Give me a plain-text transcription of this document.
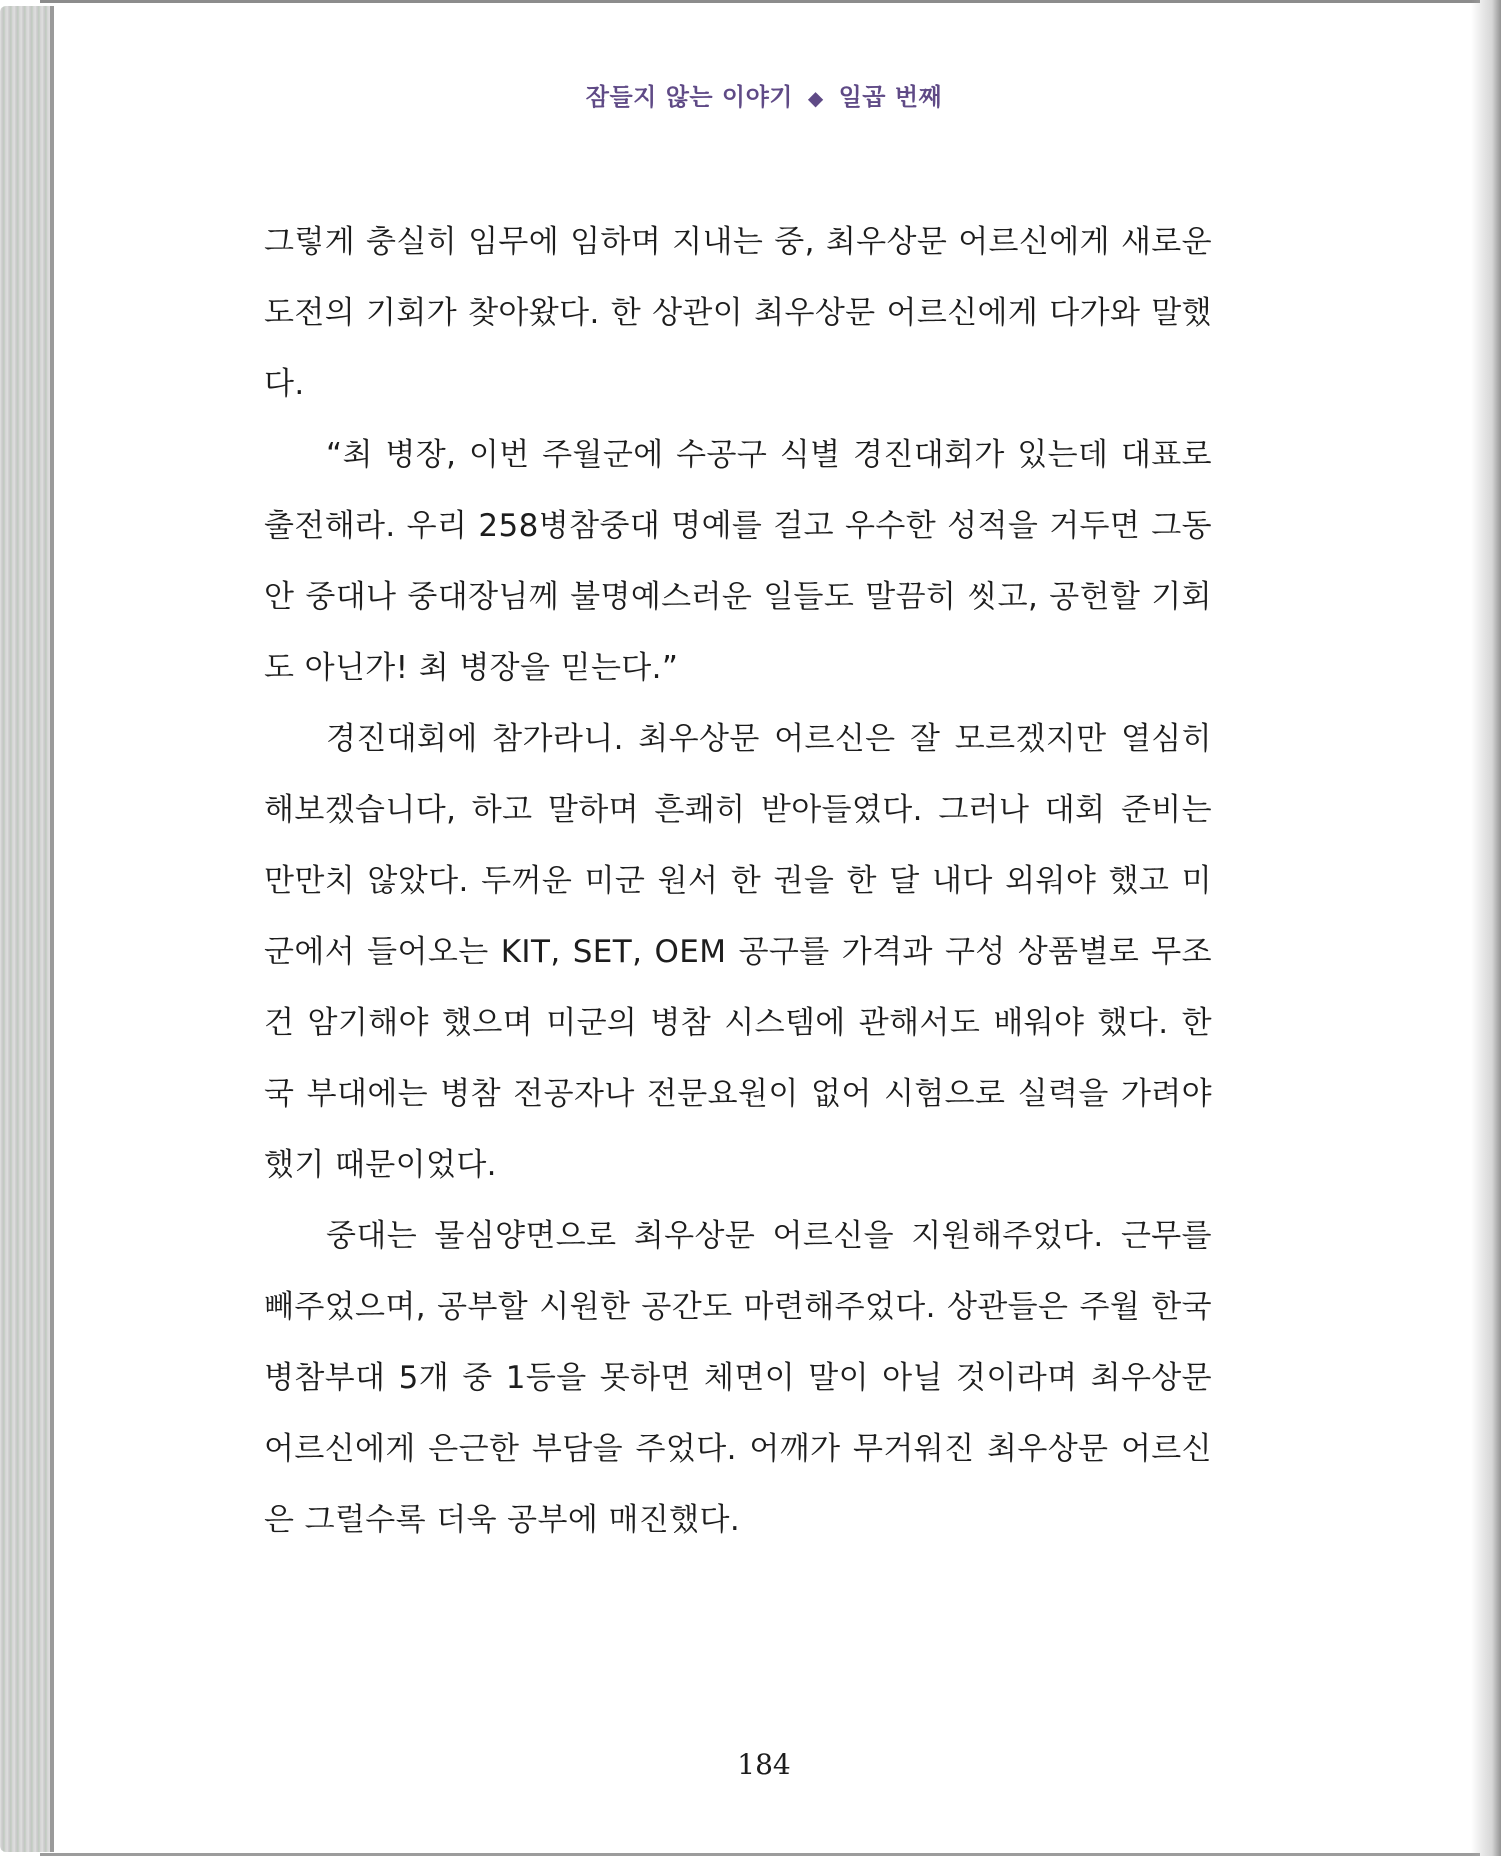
잠들지 않는 이야기 ◆ 일곱 번째

그렇게 충실히 임무에 임하며 지내는 중, 최우상문 어르신에게 새로운 도전의 기회가 찾아왔다. 한 상관이 최우상문 어르신에게 다가와 말했다.

“최 병장, 이번 주월군에 수공구 식별 경진대회가 있는데 대표로 출전해라. 우리 258병참중대 명예를 걸고 우수한 성적을 거두면 그동안 중대나 중대장님께 불명예스러운 일들도 말끔히 씻고, 공헌할 기회도 아닌가! 최 병장을 믿는다.”

경진대회에 참가라니. 최우상문 어르신은 잘 모르겠지만 열심히 해보겠습니다, 하고 말하며 흔쾌히 받아들였다. 그러나 대회 준비는 만만치 않았다. 두꺼운 미군 원서 한 권을 한 달 내다 외워야 했고 미군에서 들어오는 KIT, SET, OEM 공구를 가격과 구성 상품별로 무조건 암기해야 했으며 미군의 병참 시스템에 관해서도 배워야 했다. 한국 부대에는 병참 전공자나 전문요원이 없어 시험으로 실력을 가려야 했기 때문이었다.

중대는 물심양면으로 최우상문 어르신을 지원해주었다. 근무를 빼주었으며, 공부할 시원한 공간도 마련해주었다. 상관들은 주월 한국 병참부대 5개 중 1등을 못하면 체면이 말이 아닐 것이라며 최우상문 어르신에게 은근한 부담을 주었다. 어깨가 무거워진 최우상문 어르신은 그럴수록 더욱 공부에 매진했다.

184
